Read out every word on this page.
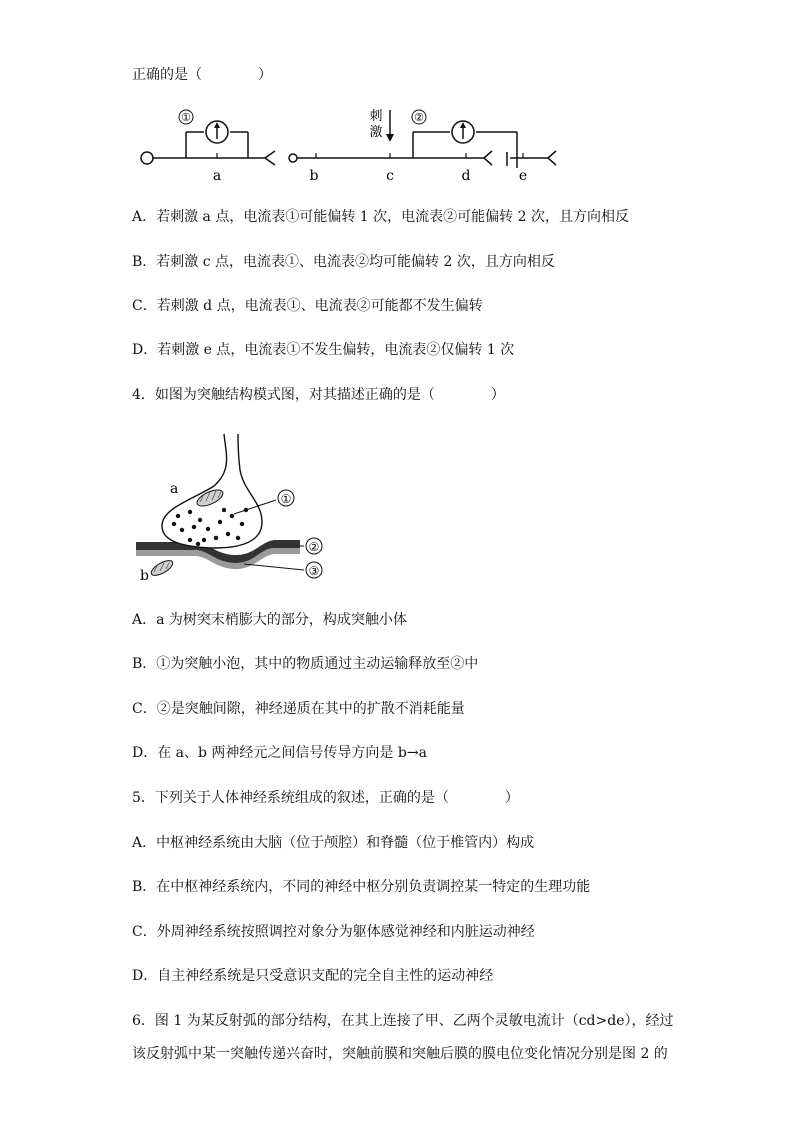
正确的是（　　　　）
①	刺
激
②
a	b	c	d	e
A．若刺激 a 点，电流表①可能偏转 1 次，电流表②可能偏转 2 次，且方向相反
B．若刺激 c 点，电流表①、电流表②均可能偏转 2 次，且方向相反
C．若刺激 d 点，电流表①、电流表②可能都不发生偏转
D．若刺激 e 点，电流表①不发生偏转，电流表②仅偏转 1 次
4．如图为突触结构模式图，对其描述正确的是（　　　　）
a
b
①
②
③
A．a 为树突末梢膨大的部分，构成突触小体
B．①为突触小泡，其中的物质通过主动运输释放至②中
C．②是突触间隙，神经递质在其中的扩散不消耗能量
D．在 a、b 两神经元之间信号传导方向是 b→a
5．下列关于人体神经系统组成的叙述，正确的是（　　　　）
A．中枢神经系统由大脑（位于颅腔）和脊髓（位于椎管内）构成
B．在中枢神经系统内，不同的神经中枢分别负责调控某一特定的生理功能
C．外周神经系统按照调控对象分为躯体感觉神经和内脏运动神经
D．自主神经系统是只受意识支配的完全自主性的运动神经
6．图 1 为某反射弧的部分结构，在其上连接了甲、乙两个灵敏电流计（cd>de），经过
该反射弧中某一突触传递兴奋时，突触前膜和突触后膜的膜电位变化情况分别是图 2 的
